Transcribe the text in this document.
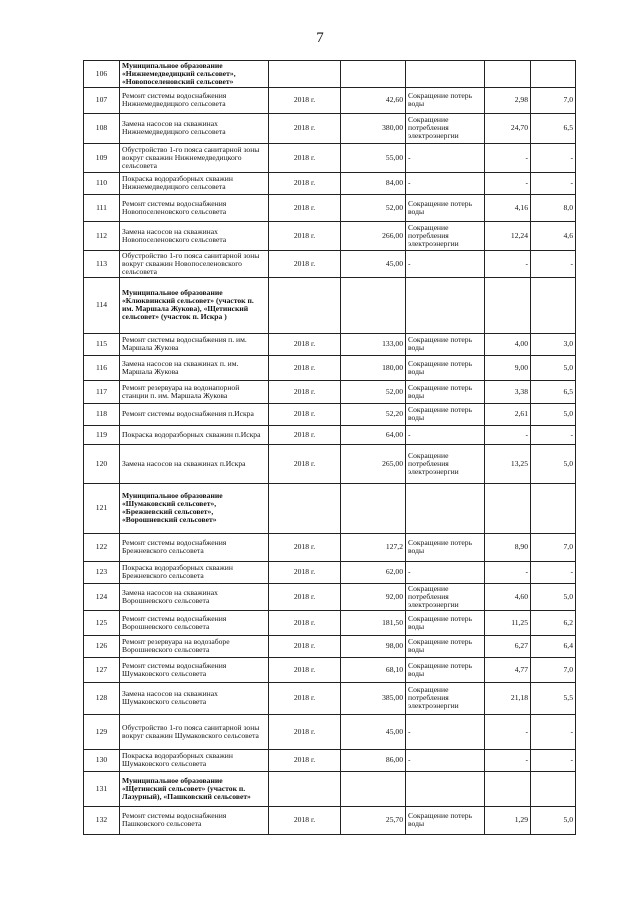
7
106	Муниципальное образование «Нижнемедведицкий сельсовет», «Новопоселеновский сельсовет»					
107	Ремонт системы водоснабжения Нижнемедведицкого сельсовета	2018 г.	42,60	Сокращение потерь воды	2,98	7,0
108	Замена насосов на скважинах Нижнемедведицкого сельсовета	2018 г.	380,00	Сокращение потребления электроэнергии	24,70	6,5
109	Обустройство 1-го пояса санитарной зоны вокруг скважин Нижнемедведицкого сельсовета	2018 г.	55,00	-	-	-
110	Покраска водоразборных скважин Нижнемедведицкого сельсовета	2018 г.	84,00	-	-	-
111	Ремонт системы водоснабжения Новопоселеновского сельсовета	2018 г.	52,00	Сокращение потерь воды	4,16	8,0
112	Замена насосов на скважинах Новопоселеновского сельсовета	2018 г.	266,00	Сокращение потребления электроэнергии	12,24	4,6
113	Обустройство 1-го пояса санитарной зоны вокруг скважин Новопоселеновского сельсовета	2018 г.	45,00	-	-	-
114	Муниципальное образование «Клюквинский сельсовет» (участок п. им. Маршала Жукова), «Щетинский сельсовет» (участок п. Искра )					
115	Ремонт системы водоснабжения п. им. Маршала Жукова	2018 г.	133,00	Сокращение потерь воды	4,00	3,0
116	Замена насосов на скважинах п. им. Маршала Жукова	2018 г.	180,00	Сокращение потерь воды	9,00	5,0
117	Ремонт резервуара на водонапорной станции п. им. Маршала Жукова	2018 г.	52,00	Сокращение потерь воды	3,38	6,5
118	Ремонт системы водоснабжения п.Искра	2018 г.	52,20	Сокращение потерь воды	2,61	5,0
119	Покраска водоразборных скважин п.Искра	2018 г.	64,00	-	-	-
120	Замена насосов на скважинах п.Искра	2018 г.	265,00	Сокращение потребления электроэнергии	13,25	5,0
121	Муниципальное образование «Шумаковский сельсовет», «Брежневский сельсовет», «Ворошневский сельсовет»					
122	Ремонт системы водоснабжения Брежневского сельсовета	2018 г.	127,2	Сокращение потерь воды	8,90	7,0
123	Покраска водоразборных скважин Брежневского сельсовета	2018 г.	62,00	-	-	-
124	Замена насосов на скважинах Ворошневского сельсовета	2018 г.	92,00	Сокращение потребления электроэнергии	4,60	5,0
125	Ремонт системы водоснабжения Ворошневского сельсовета	2018 г.	181,50	Сокращение потерь воды	11,25	6,2
126	Ремонт резервуара на водозаборе Ворошневского сельсовета	2018 г.	98,00	Сокращение потерь воды	6,27	6,4
127	Ремонт системы водоснабжения Шумаковского сельсовета	2018 г.	68,10	Сокращение потерь воды	4,77	7,0
128	Замена насосов на скважинах Шумаковского сельсовета	2018 г.	385,00	Сокращение потребления электроэнергии	21,18	5,5
129	Обустройство 1-го пояса санитарной зоны вокруг скважин Шумаковского сельсовета	2018 г.	45,00	-	-	-
130	Покраска водоразборных скважин Шумаковского сельсовета	2018 г.	86,00	-	-	-
131	Муниципальное образование «Щетинский сельсовет» (участок п. Лазурный), «Пашковский сельсовет»					
132	Ремонт системы водоснабжения Пашковского сельсовета	2018 г.	25,70	Сокращение потерь воды	1,29	5,0
